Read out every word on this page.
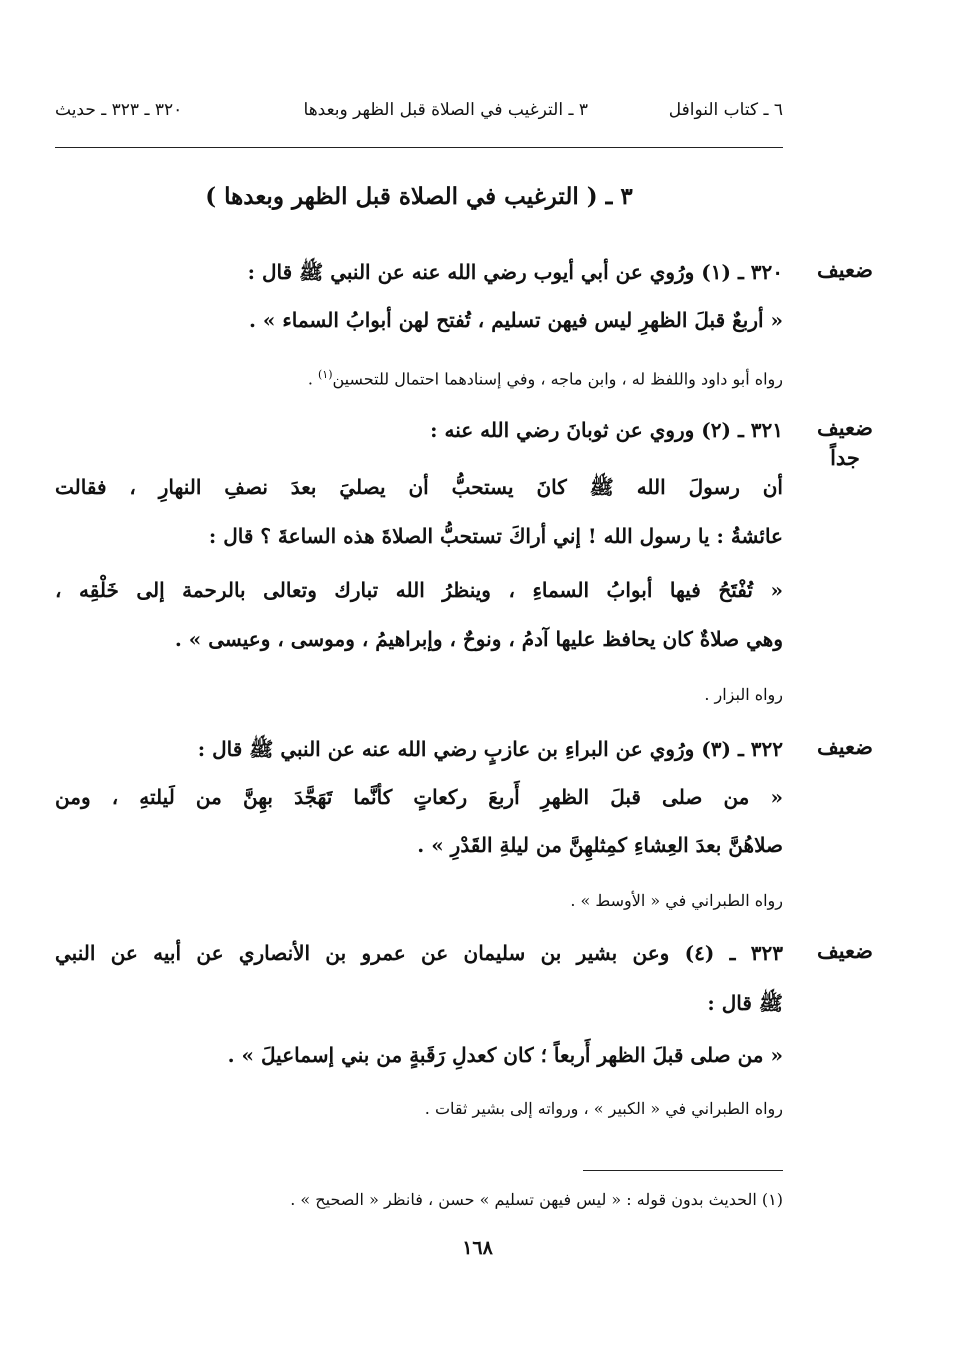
٦ ـ كتاب النوافل
٣ ـ الترغيب في الصلاة قبل الظهر وبعدها
٣٢٠ ـ ٣٢٣ ـ حديث
٣ ـ ( الترغيب في الصلاة قبل الظهر وبعدها )
ضعيف
٣٢٠ ـ (١) ورُوي عن أبي أيوب رضي الله عنه عن النبي ﷺ قال :
« أربعٌ قبلَ الظهرِ ليس فيهن تسليم ، تُفتح لهن أبوابُ السماء » .
رواه أبو داود واللفظ له ، وابن ماجه ، وفي إسنادهما احتمال للتحسين$^{(١)}$ .
ضعيف
جداً
٣٢١ ـ (٢) وروي عن ثوبانَ رضي الله عنه :
أن رسولَ الله ﷺ كانَ يستحبُّ أن يصليَ بعدَ نصفِ النهارِ ، فقالت
عائشةُ : يا رسول الله ! إني أراكَ تستحبُّ الصلاةَ هذه الساعةَ ؟ قال :
« تُفْتَحُ فيها أبوابُ السماءِ ، وينظرُ الله تبارك وتعالى بالرحمة إلى خَلْقِه ،
وهي صلاةٌ كان يحافظ عليها آدمُ ، ونوحٌ ، وإبراهيمُ ، وموسى ، وعيسى » .
رواه البزار .
ضعيف
٣٢٢ ـ (٣) ورُوي عن البراءِ بن عازبٍ رضي الله عنه عن النبي ﷺ قال :
« من صلى قبلَ الظهرِ أَربعَ ركعاتٍ كأنَّما تَهَجَّدَ بهِنَّ من لَيلتهِ ، ومن
صلاهُنَّ بعدَ العِشاءِ كمِثلهِنَّ من ليلةِ القَدْرِ » .
رواه الطبراني في « الأوسط » .
ضعيف
٣٢٣ ـ (٤) وعن بشير بن سليمان عن عمرو بن الأنصاري عن أبيه عن النبي
ﷺ قال :
« من صلى قبلَ الظهر أَربعاً ؛ كان كعدلِ رَقَبةٍ من بني إسماعيلَ » .
رواه الطبراني في « الكبير » ، ورواته إلى بشير ثقات .
(١) الحديث بدون قوله : « ليس فيهن تسليم » حسن ، فانظر « الصحيح » .
١٦٨
